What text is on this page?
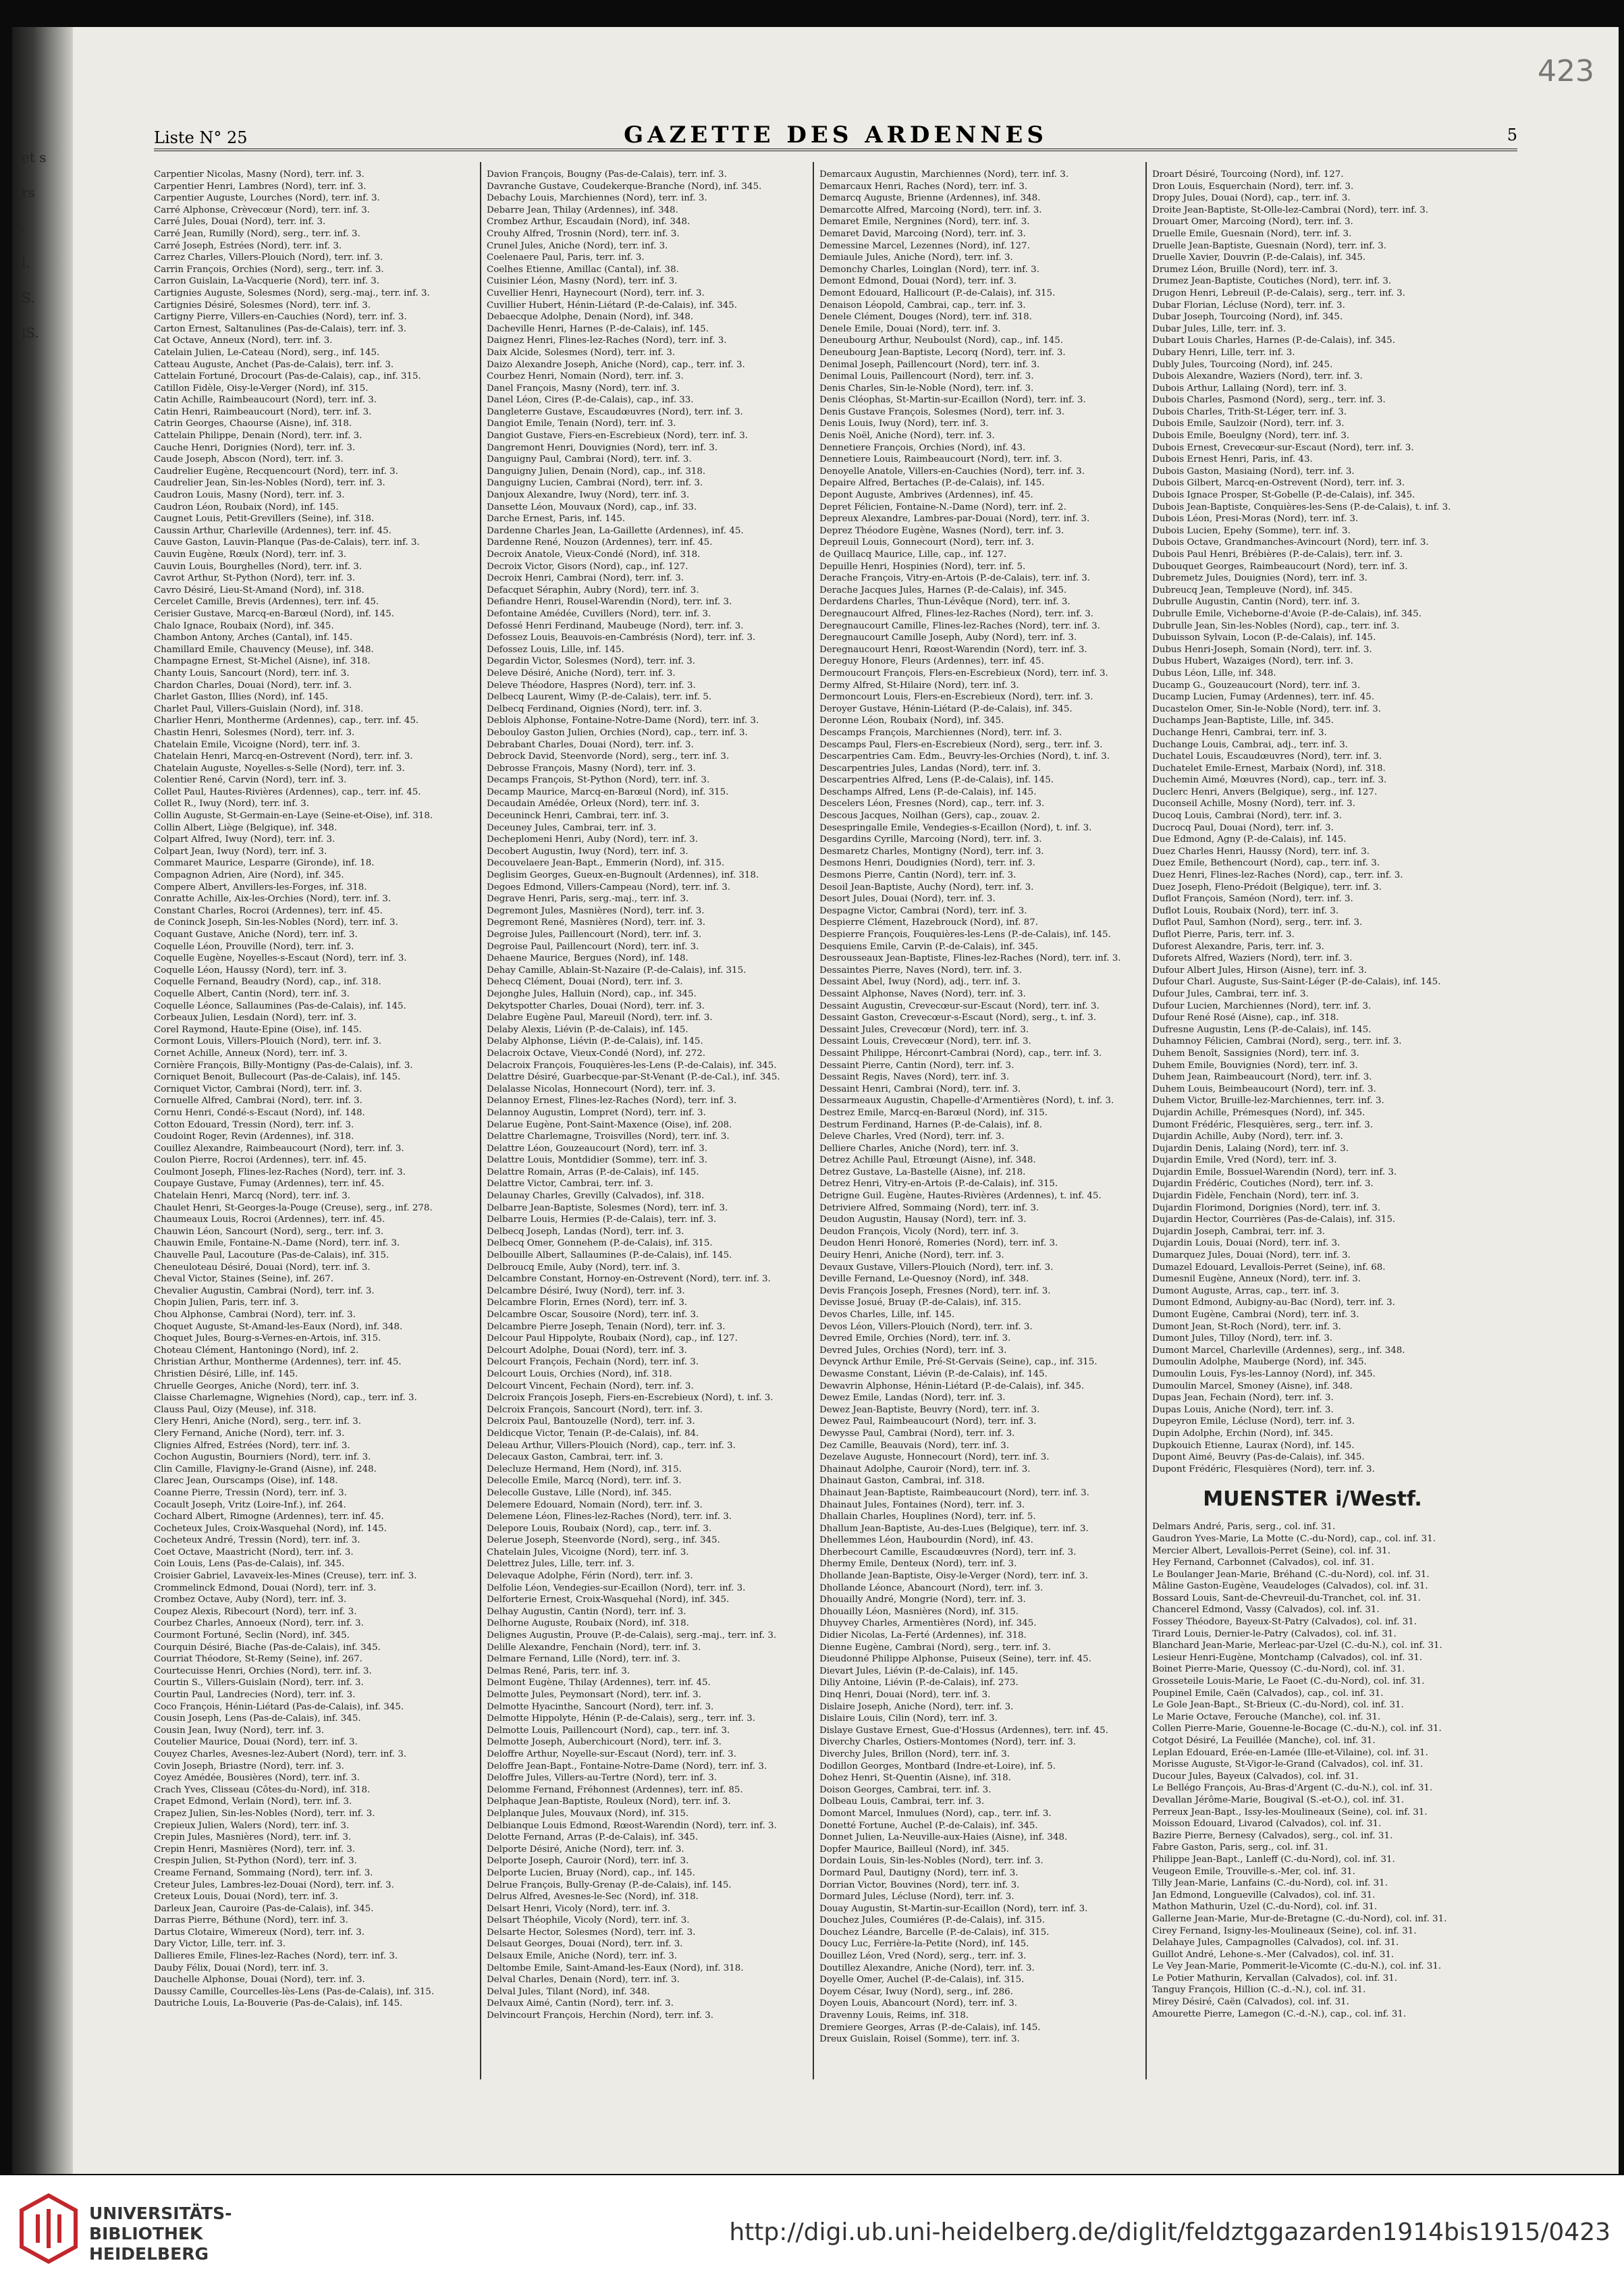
et s

rs

.

l.

S.

lS.
423
Liste N° 25	GAZETTE DES ARDENNES	5
Carpentier Nicolas, Masny (Nord), terr. inf. 3.
Carpentier Henri, Lambres (Nord), terr. inf. 3.
Carpentier Auguste, Lourches (Nord), terr. inf. 3.
Carré Alphonse, Crèvecœur (Nord), terr. inf. 3.
Carré Jules, Douai (Nord), terr. inf. 3.
Carré Jean, Rumilly (Nord), serg., terr. inf. 3.
Carré Joseph, Estrées (Nord), terr. inf. 3.
Carrez Charles, Villers-Plouich (Nord), terr. inf. 3.
Carrin François, Orchies (Nord), serg., terr. inf. 3.
Carron Guislain, La-Vacquerie (Nord), terr. inf. 3.
Cartignies Auguste, Solesmes (Nord), serg.-maj., terr. inf. 3.
Cartignies Désiré, Solesmes (Nord), terr. inf. 3.
Cartigny Pierre, Villers-en-Cauchies (Nord), terr. inf. 3.
Carton Ernest, Saltanulines (Pas-de-Calais), terr. inf. 3.
Cat Octave, Anneux (Nord), terr. inf. 3.
Catelain Julien, Le-Cateau (Nord), serg., inf. 145.
Catteau Auguste, Anchet (Pas-de-Calais), terr. inf. 3.
Cattelain Fortuné, Drocourt (Pas-de-Calais), cap., inf. 315.
Catillon Fidèle, Oisy-le-Verger (Nord), inf. 315.
Catin Achille, Raimbeaucourt (Nord), terr. inf. 3.
Catin Henri, Raimbeaucourt (Nord), terr. inf. 3.
Catrin Georges, Chaourse (Aisne), inf. 318.
Cattelain Philippe, Denain (Nord), terr. inf. 3.
Cauche Henri, Dorignies (Nord), terr. inf. 3.
Caude Joseph, Abscon (Nord), terr. inf. 3.
Caudrelier Eugène, Recquencourt (Nord), terr. inf. 3.
Caudrelier Jean, Sin-les-Nobles (Nord), terr. inf. 3.
Caudron Louis, Masny (Nord), terr. inf. 3.
Caudron Léon, Roubaix (Nord), inf. 145.
Caugnet Louis, Petit-Grevillers (Seine), inf. 318.
Caussin Arthur, Charleville (Ardennes), terr. inf. 45.
Cauve Gaston, Lauvin-Planque (Pas-de-Calais), terr. inf. 3.
Cauvin Eugène, Rœulx (Nord), terr. inf. 3.
Cauvin Louis, Bourghelles (Nord), terr. inf. 3.
Cavrot Arthur, St-Python (Nord), terr. inf. 3.
Cavro Désiré, Lieu-St-Amand (Nord), inf. 318.
Cercelet Camille, Brevis (Ardennes), terr. inf. 45.
Cerisier Gustave, Marcq-en-Barœul (Nord), inf. 145.
Chalo Ignace, Roubaix (Nord), inf. 345.
Chambon Antony, Arches (Cantal), inf. 145.
Chamillard Emile, Chauvency (Meuse), inf. 348.
Champagne Ernest, St-Michel (Aisne), inf. 318.
Chanty Louis, Sancourt (Nord), terr. inf. 3.
Chardon Charles, Douai (Nord), terr. inf. 3.
Charlet Gaston, Illies (Nord), inf. 145.
Charlet Paul, Villers-Guislain (Nord), inf. 318.
Charlier Henri, Montherme (Ardennes), cap., terr. inf. 45.
Chastin Henri, Solesmes (Nord), terr. inf. 3.
Chatelain Emile, Vicoigne (Nord), terr. inf. 3.
Chatelain Henri, Marcq-en-Ostrevent (Nord), terr. inf. 3.
Chatelain Auguste, Noyelles-s-Selle (Nord), terr. inf. 3.
Colentier René, Carvin (Nord), terr. inf. 3.
Collet Paul, Hautes-Rivières (Ardennes), cap., terr. inf. 45.
Collet R., Iwuy (Nord), terr. inf. 3.
Collin Auguste, St-Germain-en-Laye (Seine-et-Oise), inf. 318.
Collin Albert, Liège (Belgique), inf. 348.
Colpart Alfred, Iwuy (Nord), terr. inf. 3.
Colpart Jean, Iwuy (Nord), terr. inf. 3.
Commaret Maurice, Lesparre (Gironde), inf. 18.
Compagnon Adrien, Aire (Nord), inf. 345.
Compere Albert, Anvillers-les-Forges, inf. 318.
Conratte Achille, Aix-les-Orchies (Nord), terr. inf. 3.
Constant Charles, Rocroi (Ardennes), terr. inf. 45.
de Coninck Joseph, Sin-les-Nobles (Nord), terr. inf. 3.
Coquant Gustave, Aniche (Nord), terr. inf. 3.
Coquelle Léon, Prouville (Nord), terr. inf. 3.
Coquelle Eugène, Noyelles-s-Escaut (Nord), terr. inf. 3.
Coquelle Léon, Haussy (Nord), terr. inf. 3.
Coquelle Fernand, Beaudry (Nord), cap., inf. 318.
Coquelle Albert, Cantin (Nord), terr. inf. 3.
Coquelle Léonce, Sallaumines (Pas-de-Calais), inf. 145.
Corbeaux Julien, Lesdain (Nord), terr. inf. 3.
Corel Raymond, Haute-Epine (Oise), inf. 145.
Cormont Louis, Villers-Plouich (Nord), terr. inf. 3.
Cornet Achille, Anneux (Nord), terr. inf. 3.
Cornière François, Billy-Montigny (Pas-de-Calais), inf. 3.
Corniquet Benoit, Bullecourt (Pas-de-Calais), inf. 145.
Corniquet Victor, Cambrai (Nord), terr. inf. 3.
Cornuelle Alfred, Cambrai (Nord), terr. inf. 3.
Cornu Henri, Condé-s-Escaut (Nord), inf. 148.
Cotton Edouard, Tressin (Nord), terr. inf. 3.
Coudoint Roger, Revin (Ardennes), inf. 318.
Couillez Alexandre, Raimbeaucourt (Nord), terr. inf. 3.
Coulon Pierre, Rocroi (Ardennes), terr. inf. 45.
Coulmont Joseph, Flines-lez-Raches (Nord), terr. inf. 3.
Coupaye Gustave, Fumay (Ardennes), terr. inf. 45.
Chatelain Henri, Marcq (Nord), terr. inf. 3.
Chaulet Henri, St-Georges-la-Pouge (Creuse), serg., inf. 278.
Chaumeaux Louis, Rocroi (Ardennes), terr. inf. 45.
Chauwin Léon, Sancourt (Nord), serg., terr. inf. 3.
Chauwin Emile, Fontaine-N.-Dame (Nord), terr. inf. 3.
Chauvelle Paul, Lacouture (Pas-de-Calais), inf. 315.
Cheneuloteau Désiré, Douai (Nord), terr. inf. 3.
Cheval Victor, Staines (Seine), inf. 267.
Chevalier Augustin, Cambrai (Nord), terr. inf. 3.
Chopin Julien, Paris, terr. inf. 3.
Chou Alphonse, Cambrai (Nord), terr. inf. 3.
Choquet Auguste, St-Amand-les-Eaux (Nord), inf. 348.
Choquet Jules, Bourg-s-Vernes-en-Artois, inf. 315.
Choteau Clément, Hantoningo (Nord), inf. 2.
Christian Arthur, Montherme (Ardennes), terr. inf. 45.
Christien Désiré, Lille, inf. 145.
Chruelle Georges, Aniche (Nord), terr. inf. 3.
Claisse Charlemagne, Wignehies (Nord), cap., terr. inf. 3.
Clauss Paul, Oizy (Meuse), inf. 318.
Clery Henri, Aniche (Nord), serg., terr. inf. 3.
Clery Fernand, Aniche (Nord), terr. inf. 3.
Clignies Alfred, Estrées (Nord), terr. inf. 3.
Cochon Augustin, Bourniers (Nord), terr. inf. 3.
Clin Camille, Flavigny-le-Grand (Aisne), inf. 248.
Clarec Jean, Ourscamps (Oise), inf. 148.
Coanne Pierre, Tressin (Nord), terr. inf. 3.
Cocault Joseph, Vritz (Loire-Inf.), inf. 264.
Cochard Albert, Rimogne (Ardennes), terr. inf. 45.
Cocheteux Jules, Croix-Wasquehal (Nord), inf. 145.
Cocheteux André, Tressin (Nord), terr. inf. 3.
Coet Octave, Maastricht (Nord), terr. inf. 3.
Coin Louis, Lens (Pas-de-Calais), inf. 345.
Croisier Gabriel, Lavaveix-les-Mines (Creuse), terr. inf. 3.
Crommelinck Edmond, Douai (Nord), terr. inf. 3.
Crombez Octave, Auby (Nord), terr. inf. 3.
Coupez Alexis, Ribecourt (Nord), terr. inf. 3.
Courbez Charles, Annoeux (Nord), terr. inf. 3.
Courmont Fortuné, Seclin (Nord), inf. 345.
Courquin Désiré, Biache (Pas-de-Calais), inf. 345.
Courriat Théodore, St-Remy (Seine), inf. 267.
Courtecuisse Henri, Orchies (Nord), terr. inf. 3.
Courtin S., Villers-Guislain (Nord), terr. inf. 3.
Courtin Paul, Landrecies (Nord), terr. inf. 3.
Coco François, Hénin-Liétard (Pas-de-Calais), inf. 345.
Cousin Joseph, Lens (Pas-de-Calais), inf. 345.
Cousin Jean, Iwuy (Nord), terr. inf. 3.
Coutelier Maurice, Douai (Nord), terr. inf. 3.
Couyez Charles, Avesnes-lez-Aubert (Nord), terr. inf. 3.
Covin Joseph, Briastre (Nord), terr. inf. 3.
Coyez Amédée, Bousières (Nord), terr. inf. 3.
Crach Yves, Clisseau (Côtes-du-Nord), inf. 318.
Crapet Edmond, Verlain (Nord), terr. inf. 3.
Crapez Julien, Sin-les-Nobles (Nord), terr. inf. 3.
Crepieux Julien, Walers (Nord), terr. inf. 3.
Crepin Jules, Masnières (Nord), terr. inf. 3.
Crepin Henri, Masnières (Nord), terr. inf. 3.
Crespin Julien, St-Python (Nord), terr. inf. 3.
Creame Fernand, Sommaing (Nord), terr. inf. 3.
Creteur Jules, Lambres-lez-Douai (Nord), terr. inf. 3.
Creteux Louis, Douai (Nord), terr. inf. 3.
Darleux Jean, Cauroire (Pas-de-Calais), inf. 345.
Darras Pierre, Béthune (Nord), terr. inf. 3.
Dartus Clotaire, Wimereux (Nord), terr. inf. 3.
Dary Victor, Lille, terr. inf. 3.
Dallieres Emile, Flines-lez-Raches (Nord), terr. inf. 3.
Dauby Félix, Douai (Nord), terr. inf. 3.
Dauchelle Alphonse, Douai (Nord), terr. inf. 3.
Daussy Camille, Courcelles-lès-Lens (Pas-de-Calais), inf. 315.
Dautriche Louis, La-Bouverie (Pas-de-Calais), inf. 145.
Davion François, Bougny (Pas-de-Calais), terr. inf. 3.
Davranche Gustave, Coudekerque-Branche (Nord), inf. 345.
Debachy Louis, Marchiennes (Nord), terr. inf. 3.
Debarre Jean, Thilay (Ardennes), inf. 348.
Crombez Arthur, Escaudain (Nord), inf. 348.
Crouhy Alfred, Trosnin (Nord), terr. inf. 3.
Crunel Jules, Aniche (Nord), terr. inf. 3.
Coelenaere Paul, Paris, terr. inf. 3.
Coelhes Etienne, Amillac (Cantal), inf. 38.
Cuisinier Léon, Masny (Nord), terr. inf. 3.
Cuvellier Henri, Haynecourt (Nord), terr. inf. 3.
Cuvillier Hubert, Hénin-Liétard (P.-de-Calais), inf. 345.
Debaecque Adolphe, Denain (Nord), inf. 348.
Dacheville Henri, Harnes (P.-de-Calais), inf. 145.
Daignez Henri, Flines-lez-Raches (Nord), terr. inf. 3.
Daix Alcide, Solesmes (Nord), terr. inf. 3.
Daizo Alexandre Joseph, Aniche (Nord), cap., terr. inf. 3.
Courbez Henri, Nomain (Nord), terr. inf. 3.
Danel François, Masny (Nord), terr. inf. 3.
Danel Léon, Cires (P.-de-Calais), cap., inf. 33.
Dangleterre Gustave, Escaudœuvres (Nord), terr. inf. 3.
Dangiot Emile, Tenain (Nord), terr. inf. 3.
Dangiot Gustave, Fiers-en-Escrebieux (Nord), terr. inf. 3.
Dangremont Henri, Douvignies (Nord), terr. inf. 3.
Danguigny Paul, Cambrai (Nord), terr. inf. 3.
Danguigny Julien, Denain (Nord), cap., inf. 318.
Danguigny Lucien, Cambrai (Nord), terr. inf. 3.
Danjoux Alexandre, Iwuy (Nord), terr. inf. 3.
Dansette Léon, Mouvaux (Nord), cap., inf. 33.
Darche Ernest, Paris, inf. 145.
Dardenne Charles Jean, La-Gaillette (Ardennes), inf. 45.
Dardenne René, Nouzon (Ardennes), terr. inf. 45.
Decroix Anatole, Vieux-Condé (Nord), inf. 318.
Decroix Victor, Gisors (Nord), cap., inf. 127.
Decroix Henri, Cambrai (Nord), terr. inf. 3.
Defacquet Séraphin, Aubry (Nord), terr. inf. 3.
Defiandre Henri, Rousel-Warendin (Nord), terr. inf. 3.
Defontaine Amédée, Cuvillers (Nord), terr. inf. 3.
Defossé Henri Ferdinand, Maubeuge (Nord), terr. inf. 3.
Defossez Louis, Beauvois-en-Cambrésis (Nord), terr. inf. 3.
Defossez Louis, Lille, inf. 145.
Degardin Victor, Solesmes (Nord), terr. inf. 3.
Deleve Désiré, Aniche (Nord), terr. inf. 3.
Deleve Théodore, Haspres (Nord), terr. inf. 3.
Delbecq Laurent, Wimy (P.-de-Calais), terr. inf. 5.
Delbecq Ferdinand, Oignies (Nord), terr. inf. 3.
Deblois Alphonse, Fontaine-Notre-Dame (Nord), terr. inf. 3.
Debouloy Gaston Julien, Orchies (Nord), cap., terr. inf. 3.
Debrabant Charles, Douai (Nord), terr. inf. 3.
Debrock David, Steenvorde (Nord), serg., terr. inf. 3.
Debrosse François, Masny (Nord), terr. inf. 3.
Decamps François, St-Python (Nord), terr. inf. 3.
Decamp Maurice, Marcq-en-Barœul (Nord), inf. 315.
Decaudain Amédée, Orleux (Nord), terr. inf. 3.
Deceuninck Henri, Cambrai, terr. inf. 3.
Deceuney Jules, Cambrai, terr. inf. 3.
Decheplomeni Henri, Auby (Nord), terr. inf. 3.
Decobert Augustin, Iwuy (Nord), terr. inf. 3.
Decouvelaere Jean-Bapt., Emmerin (Nord), inf. 315.
Deglisim Georges, Gueux-en-Bugnoult (Ardennes), inf. 318.
Degoes Edmond, Villers-Campeau (Nord), terr. inf. 3.
Degrave Henri, Paris, serg.-maj., terr. inf. 3.
Degremont Jules, Masnières (Nord), terr. inf. 3.
Degremont René, Masnières (Nord), terr. inf. 3.
Degroise Jules, Paillencourt (Nord), terr. inf. 3.
Degroise Paul, Paillencourt (Nord), terr. inf. 3.
Dehaene Maurice, Bergues (Nord), inf. 148.
Dehay Camille, Ablain-St-Nazaire (P.-de-Calais), inf. 315.
Dehecq Clément, Douai (Nord), terr. inf. 3.
Dejonghe Jules, Halluin (Nord), cap., inf. 345.
Dekytspotter Charles, Douai (Nord), terr. inf. 3.
Delabre Eugène Paul, Mareuil (Nord), terr. inf. 3.
Delaby Alexis, Liévin (P.-de-Calais), inf. 145.
Delaby Alphonse, Liévin (P.-de-Calais), inf. 145.
Delacroix Octave, Vieux-Condé (Nord), inf. 272.
Delacroix François, Fouquières-les-Lens (P.-de-Calais), inf. 345.
Delattre Désiré, Guarbecque-par-St-Venant (P.-de-Cal.), inf. 345.
Delalasse Nicolas, Honnecourt (Nord), terr. inf. 3.
Delannoy Ernest, Flines-lez-Raches (Nord), terr. inf. 3.
Delannoy Augustin, Lompret (Nord), terr. inf. 3.
Delarue Eugène, Pont-Saint-Maxence (Oise), inf. 208.
Delattre Charlemagne, Troisvilles (Nord), terr. inf. 3.
Delattre Léon, Gouzeaucourt (Nord), terr. inf. 3.
Delattre Louis, Montdidier (Somme), terr. inf. 3.
Delattre Romain, Arras (P.-de-Calais), inf. 145.
Delattre Victor, Cambrai, terr. inf. 3.
Delaunay Charles, Grevilly (Calvados), inf. 318.
Delbarre Jean-Baptiste, Solesmes (Nord), terr. inf. 3.
Delbarre Louis, Hermies (P.-de-Calais), terr. inf. 3.
Delbecq Joseph, Landas (Nord), terr. inf. 3.
Delbecq Omer, Gonnehem (P.-de-Calais), inf. 315.
Delbouille Albert, Sallaumines (P.-de-Calais), inf. 145.
Delbroucq Emile, Auby (Nord), terr. inf. 3.
Delcambre Constant, Hornoy-en-Ostrevent (Nord), terr. inf. 3.
Delcambre Désiré, Iwuy (Nord), terr. inf. 3.
Delcambre Florin, Ernes (Nord), terr. inf. 3.
Delcambre Oscar, Sousoire (Nord), terr. inf. 3.
Delcambre Pierre Joseph, Tenain (Nord), terr. inf. 3.
Delcour Paul Hippolyte, Roubaix (Nord), cap., inf. 127.
Delcourt Adolphe, Douai (Nord), terr. inf. 3.
Delcourt François, Fechain (Nord), terr. inf. 3.
Delcourt Louis, Orchies (Nord), inf. 318.
Delcourt Vincent, Fechain (Nord), terr. inf. 3.
Delcroix François Joseph, Fiers-en-Escrebieux (Nord), t. inf. 3.
Delcroix François, Sancourt (Nord), terr. inf. 3.
Delcroix Paul, Bantouzelle (Nord), terr. inf. 3.
Deldicque Victor, Tenain (P.-de-Calais), inf. 84.
Deleau Arthur, Villers-Plouich (Nord), cap., terr. inf. 3.
Delecaux Gaston, Cambrai, terr. inf. 3.
Delecluze Hermand, Hem (Nord), inf. 315.
Delecolle Emile, Marcq (Nord), terr. inf. 3.
Delecolle Gustave, Lille (Nord), inf. 345.
Delemere Edouard, Nomain (Nord), terr. inf. 3.
Delemene Léon, Flines-lez-Raches (Nord), terr. inf. 3.
Delepore Louis, Roubaix (Nord), cap., terr. inf. 3.
Delerue Joseph, Steenvorde (Nord), serg., inf. 345.
Chatelain Jules, Vicoigne (Nord), terr. inf. 3.
Delettrez Jules, Lille, terr. inf. 3.
Delevaque Adolphe, Férin (Nord), terr. inf. 3.
Delfolie Léon, Vendegies-sur-Ecaillon (Nord), terr. inf. 3.
Delforterie Ernest, Croix-Wasquehal (Nord), inf. 345.
Delhay Augustin, Cantin (Nord), terr. inf. 3.
Delhorne Auguste, Roubaix (Nord), inf. 318.
Delignes Augustin, Prouve (P.-de-Calais), serg.-maj., terr. inf. 3.
Delille Alexandre, Fenchain (Nord), terr. inf. 3.
Delmare Fernand, Lille (Nord), terr. inf. 3.
Delmas René, Paris, terr. inf. 3.
Delmont Eugène, Thilay (Ardennes), terr. inf. 45.
Delmotte Jules, Peymonsart (Nord), terr. inf. 3.
Delmotte Hyacinthe, Sancourt (Nord), terr. inf. 3.
Delmotte Hippolyte, Hénin (P.-de-Calais), serg., terr. inf. 3.
Delmotte Louis, Paillencourt (Nord), cap., terr. inf. 3.
Delmotte Joseph, Auberchicourt (Nord), terr. inf. 3.
Deloffre Arthur, Noyelle-sur-Escaut (Nord), terr. inf. 3.
Deloffre Jean-Bapt., Fontaine-Notre-Dame (Nord), terr. inf. 3.
Deloffre Jules, Villers-au-Tertre (Nord), terr. inf. 3.
Delomme Fernand, Fréhonnest (Ardennes), terr. inf. 85.
Delphaque Jean-Baptiste, Rouleux (Nord), terr. inf. 3.
Delplanque Jules, Mouvaux (Nord), inf. 315.
Delbianque Louis Edmond, Rœost-Warendin (Nord), terr. inf. 3.
Delotte Fernand, Arras (P.-de-Calais), inf. 345.
Delporte Désiré, Aniche (Nord), terr. inf. 3.
Delporte Joseph, Cauroir (Nord), terr. inf. 3.
Delporte Lucien, Bruay (Nord), cap., inf. 145.
Delrue François, Bully-Grenay (P.-de-Calais), inf. 145.
Delrus Alfred, Avesnes-le-Sec (Nord), inf. 318.
Delsart Henri, Vicoly (Nord), terr. inf. 3.
Delsart Théophile, Vicoly (Nord), terr. inf. 3.
Delsarte Hector, Solesmes (Nord), terr. inf. 3.
Delsaut Georges, Douai (Nord), terr. inf. 3.
Delsaux Emile, Aniche (Nord), terr. inf. 3.
Deltombe Emile, Saint-Amand-les-Eaux (Nord), inf. 318.
Delval Charles, Denain (Nord), terr. inf. 3.
Delval Jules, Tilant (Nord), inf. 348.
Delvaux Aimé, Cantin (Nord), terr. inf. 3.
Delvincourt François, Herchin (Nord), terr. inf. 3.
Demarcaux Augustin, Marchiennes (Nord), terr. inf. 3.
Demarcaux Henri, Raches (Nord), terr. inf. 3.
Demarcq Auguste, Brienne (Ardennes), inf. 348.
Demarcotte Alfred, Marcoing (Nord), terr. inf. 3.
Demaret Emile, Nergnines (Nord), terr. inf. 3.
Demaret David, Marcoing (Nord), terr. inf. 3.
Demessine Marcel, Lezennes (Nord), inf. 127.
Demiaule Jules, Aniche (Nord), terr. inf. 3.
Demonchy Charles, Loinglan (Nord), terr. inf. 3.
Demont Edmond, Douai (Nord), terr. inf. 3.
Demont Edouard, Hallicourt (P.-de-Calais), inf. 315.
Denaison Léopold, Cambrai, cap., terr. inf. 3.
Denele Clément, Douges (Nord), terr. inf. 318.
Denele Emile, Douai (Nord), terr. inf. 3.
Deneubourg Arthur, Neuboulst (Nord), cap., inf. 145.
Deneubourg Jean-Baptiste, Lecorq (Nord), terr. inf. 3.
Denimal Joseph, Paillencourt (Nord), terr. inf. 3.
Denimal Louis, Paillencourt (Nord), terr. inf. 3.
Denis Charles, Sin-le-Noble (Nord), terr. inf. 3.
Denis Cléophas, St-Martin-sur-Ecaillon (Nord), terr. inf. 3.
Denis Gustave François, Solesmes (Nord), terr. inf. 3.
Denis Louis, Iwuy (Nord), terr. inf. 3.
Denis Noël, Aniche (Nord), terr. inf. 3.
Dennetiere François, Orchies (Nord), inf. 43.
Dennetiere Louis, Raimbeaucourt (Nord), terr. inf. 3.
Denoyelle Anatole, Villers-en-Cauchies (Nord), terr. inf. 3.
Depaire Alfred, Bertaches (P.-de-Calais), inf. 145.
Depont Auguste, Ambrives (Ardennes), inf. 45.
Depret Félicien, Fontaine-N.-Dame (Nord), terr. inf. 2.
Depreux Alexandre, Lambres-par-Douai (Nord), terr. inf. 3.
Deprez Théodore Eugène, Wasnes (Nord), terr. inf. 3.
Depreuil Louis, Gonnecourt (Nord), terr. inf. 3.
de Quillacq Maurice, Lille, cap., inf. 127.
Depuille Henri, Hospinies (Nord), terr. inf. 5.
Derache François, Vitry-en-Artois (P.-de-Calais), terr. inf. 3.
Derache Jacques Jules, Harnes (P.-de-Calais), inf. 345.
Derdardens Charles, Thun-Lévêque (Nord), terr. inf. 3.
Deregnaucourt Alfred, Flines-lez-Raches (Nord), terr. inf. 3.
Deregnaucourt Camille, Flines-lez-Raches (Nord), terr. inf. 3.
Deregnaucourt Camille Joseph, Auby (Nord), terr. inf. 3.
Deregnaucourt Henri, Rœost-Warendin (Nord), terr. inf. 3.
Dereguy Honore, Fleurs (Ardennes), terr. inf. 45.
Dermoucourt François, Flers-en-Escrebieux (Nord), terr. inf. 3.
Dermy Alfred, St-Hilaire (Nord), terr. inf. 3.
Dermoncourt Louis, Flers-en-Escrebieux (Nord), terr. inf. 3.
Deroyer Gustave, Hénin-Liétard (P.-de-Calais), inf. 345.
Deronne Léon, Roubaix (Nord), inf. 345.
Descamps François, Marchiennes (Nord), terr. inf. 3.
Descamps Paul, Flers-en-Escrebieux (Nord), serg., terr. inf. 3.
Descarpentries Cam. Edm., Beuvry-les-Orchies (Nord), t. inf. 3.
Descarpentries Jules, Landas (Nord), terr. inf. 3.
Descarpentries Alfred, Lens (P.-de-Calais), inf. 145.
Deschamps Alfred, Lens (P.-de-Calais), inf. 145.
Descelers Léon, Fresnes (Nord), cap., terr. inf. 3.
Descous Jacques, Noilhan (Gers), cap., zouav. 2.
Desespringalle Emile, Vendegies-s-Ecaillon (Nord), t. inf. 3.
Desgardins Cyrille, Marcoing (Nord), terr. inf. 3.
Desmaretz Charles, Montigny (Nord), terr. inf. 3.
Desmons Henri, Doudignies (Nord), terr. inf. 3.
Desmons Pierre, Cantin (Nord), terr. inf. 3.
Desoil Jean-Baptiste, Auchy (Nord), terr. inf. 3.
Desort Jules, Douai (Nord), terr. inf. 3.
Despagne Victor, Cambrai (Nord), terr. inf. 3.
Despierre Clément, Hazebrouck (Nord), inf. 87.
Despierre François, Fouquières-les-Lens (P.-de-Calais), inf. 145.
Desquiens Emile, Carvin (P.-de-Calais), inf. 345.
Desrousseaux Jean-Baptiste, Flines-lez-Raches (Nord), terr. inf. 3.
Dessaintes Pierre, Naves (Nord), terr. inf. 3.
Dessaint Abel, Iwuy (Nord), adj., terr. inf. 3.
Dessaint Alphonse, Naves (Nord), terr. inf. 3.
Dessaint Augustin, Crevecœur-sur-Escaut (Nord), terr. inf. 3.
Dessaint Gaston, Crevecœur-s-Escaut (Nord), serg., t. inf. 3.
Dessaint Jules, Crevecœur (Nord), terr. inf. 3.
Dessaint Louis, Crevecœur (Nord), terr. inf. 3.
Dessaint Philippe, Hérconrt-Cambrai (Nord), cap., terr. inf. 3.
Dessaint Pierre, Cantin (Nord), terr. inf. 3.
Dessaint Regis, Naves (Nord), terr. inf. 3.
Dessaint Henri, Cambrai (Nord), terr. inf. 3.
Dessarmeaux Augustin, Chapelle-d'Armentières (Nord), t. inf. 3.
Destrez Emile, Marcq-en-Barœul (Nord), inf. 315.
Destrum Ferdinand, Harnes (P.-de-Calais), inf. 8.
Deleve Charles, Vred (Nord), terr. inf. 3.
Delliere Charles, Aniche (Nord), terr. inf. 3.
Detrez Achille Paul, Etrœungt (Aisne), inf. 348.
Detrez Gustave, La-Bastelle (Aisne), inf. 218.
Detrez Henri, Vitry-en-Artois (P.-de-Calais), inf. 315.
Detrigne Guil. Eugène, Hautes-Rivières (Ardennes), t. inf. 45.
Detriviere Alfred, Sommaing (Nord), terr. inf. 3.
Deudon Augustin, Hausay (Nord), terr. inf. 3.
Deudon François, Vicoly (Nord), terr. inf. 3.
Deudon Henri Honoré, Romeries (Nord), terr. inf. 3.
Deuiry Henri, Aniche (Nord), terr. inf. 3.
Devaux Gustave, Villers-Plouich (Nord), terr. inf. 3.
Deville Fernand, Le-Quesnoy (Nord), inf. 348.
Devis François Joseph, Fresnes (Nord), terr. inf. 3.
Devisse Josué, Bruay (P.-de-Calais), inf. 315.
Devos Charles, Lille, inf. 145.
Devos Léon, Villers-Plouich (Nord), terr. inf. 3.
Devred Emile, Orchies (Nord), terr. inf. 3.
Devred Jules, Orchies (Nord), terr. inf. 3.
Devynck Arthur Emile, Pré-St-Gervais (Seine), cap., inf. 315.
Dewasme Constant, Liévin (P.-de-Calais), inf. 145.
Dewavrin Alphonse, Hénin-Liétard (P.-de-Calais), inf. 345.
Dewez Emile, Landas (Nord), terr. inf. 3.
Dewez Jean-Baptiste, Beuvry (Nord), terr. inf. 3.
Dewez Paul, Raimbeaucourt (Nord), terr. inf. 3.
Dewysse Paul, Cambrai (Nord), terr. inf. 3.
Dez Camille, Beauvais (Nord), terr. inf. 3.
Dezelave Auguste, Honnecourt (Nord), terr. inf. 3.
Dhainaut Adolphe, Cauroir (Nord), terr. inf. 3.
Dhainaut Gaston, Cambrai, inf. 318.
Dhainaut Jean-Baptiste, Raimbeaucourt (Nord), terr. inf. 3.
Dhainaut Jules, Fontaines (Nord), terr. inf. 3.
Dhallain Charles, Houplines (Nord), terr. inf. 5.
Dhallum Jean-Baptiste, Au-des-Lues (Belgique), terr. inf. 3.
Dhellemmes Léon, Haubourdin (Nord), inf. 43.
Dherbecourt Camille, Escaudœuvres (Nord), terr. inf. 3.
Dhermy Emile, Denteux (Nord), terr. inf. 3.
Dhollande Jean-Baptiste, Oisy-le-Verger (Nord), terr. inf. 3.
Dhollande Léonce, Abancourt (Nord), terr. inf. 3.
Dhouailly André, Mongrie (Nord), terr. inf. 3.
Dhouailly Léon, Masnières (Nord), inf. 315.
Dhuyvey Charles, Armentières (Nord), inf. 345.
Didier Nicolas, La-Ferté (Ardennes), inf. 318.
Dienne Eugène, Cambrai (Nord), serg., terr. inf. 3.
Dieudonné Philippe Alphonse, Puiseux (Seine), terr. inf. 45.
Dievart Jules, Liévin (P.-de-Calais), inf. 145.
Diliy Antoine, Liévin (P.-de-Calais), inf. 273.
Dinq Henri, Douai (Nord), terr. inf. 3.
Dislaire Joseph, Aniche (Nord), terr. inf. 3.
Dislaire Louis, Cilin (Nord), terr. inf. 3.
Dislaye Gustave Ernest, Gue-d'Hossus (Ardennes), terr. inf. 45.
Diverchy Charles, Ostiers-Montomes (Nord), terr. inf. 3.
Diverchy Jules, Brillon (Nord), terr. inf. 3.
Dodillon Georges, Montbard (Indre-et-Loire), inf. 5.
Dohez Henri, St-Quentin (Aisne), inf. 318.
Doison Georges, Cambrai, terr. inf. 3.
Dolbeau Louis, Cambrai, terr. inf. 3.
Domont Marcel, Inmulues (Nord), cap., terr. inf. 3.
Donetté Fortune, Auchel (P.-de-Calais), inf. 345.
Donnet Julien, La-Neuville-aux-Haies (Aisne), inf. 348.
Dopfer Maurice, Bailleul (Nord), inf. 345.
Dordain Louis, Sin-les-Nobles (Nord), terr. inf. 3.
Dormard Paul, Dautigny (Nord), terr. inf. 3.
Dorrian Victor, Bouvines (Nord), terr. inf. 3.
Dormard Jules, Lécluse (Nord), terr. inf. 3.
Douay Augustin, St-Martin-sur-Ecaillon (Nord), terr. inf. 3.
Douchez Jules, Coumiéres (P.-de-Calais), inf. 315.
Douchez Léandre, Barcelle (P.-de-Calais), inf. 315.
Doucy Luc, Ferrière-la-Petite (Nord), inf. 145.
Douillez Léon, Vred (Nord), serg., terr. inf. 3.
Doutillez Alexandre, Aniche (Nord), terr. inf. 3.
Doyelle Omer, Auchel (P.-de-Calais), inf. 315.
Doyem César, Iwuy (Nord), serg., inf. 286.
Doyen Louis, Abancourt (Nord), terr. inf. 3.
Dravenny Louis, Reims, inf. 318.
Dremiere Georges, Arras (P.-de-Calais), inf. 145.
Dreux Guislain, Roisel (Somme), terr. inf. 3.
Droart Désiré, Tourcoing (Nord), inf. 127.
Dron Louis, Esquerchain (Nord), terr. inf. 3.
Dropy Jules, Douai (Nord), cap., terr. inf. 3.
Droite Jean-Baptiste, St-Olle-lez-Cambrai (Nord), terr. inf. 3.
Drouart Omer, Marcoing (Nord), terr. inf. 3.
Druelle Emile, Guesnain (Nord), terr. inf. 3.
Druelle Jean-Baptiste, Guesnain (Nord), terr. inf. 3.
Druelle Xavier, Douvrin (P.-de-Calais), inf. 345.
Drumez Léon, Bruille (Nord), terr. inf. 3.
Drumez Jean-Baptiste, Coutiches (Nord), terr. inf. 3.
Drugon Henri, Lebreuil (P.-de-Calais), serg., terr. inf. 3.
Dubar Florian, Lécluse (Nord), terr. inf. 3.
Dubar Joseph, Tourcoing (Nord), inf. 345.
Dubar Jules, Lille, terr. inf. 3.
Dubart Louis Charles, Harnes (P.-de-Calais), inf. 345.
Dubary Henri, Lille, terr. inf. 3.
Dubly Jules, Tourcoing (Nord), inf. 245.
Dubois Alexandre, Waziers (Nord), terr. inf. 3.
Dubois Arthur, Lallaing (Nord), terr. inf. 3.
Dubois Charles, Pasmond (Nord), serg., terr. inf. 3.
Dubois Charles, Trith-St-Léger, terr. inf. 3.
Dubois Emile, Saulzoir (Nord), terr. inf. 3.
Dubois Emile, Boeulgny (Nord), terr. inf. 3.
Dubois Ernest, Crevecœur-sur-Escaut (Nord), terr. inf. 3.
Dubois Ernest Henri, Paris, inf. 43.
Dubois Gaston, Masiaing (Nord), terr. inf. 3.
Dubois Gilbert, Marcq-en-Ostrevent (Nord), terr. inf. 3.
Dubois Ignace Prosper, St-Gobelle (P.-de-Calais), inf. 345.
Dubois Jean-Baptiste, Conquières-les-Sens (P.-de-Calais), t. inf. 3.
Dubois Léon, Presi-Moras (Nord), terr. inf. 3.
Dubois Lucien, Epehy (Somme), terr. inf. 3.
Dubois Octave, Grandmanches-Avincourt (Nord), terr. inf. 3.
Dubois Paul Henri, Brébières (P.-de-Calais), terr. inf. 3.
Dubouquet Georges, Raimbeaucourt (Nord), terr. inf. 3.
Dubremetz Jules, Douignies (Nord), terr. inf. 3.
Dubreucq Jean, Templeuve (Nord), inf. 345.
Dubrulle Augustin, Cantin (Nord), terr. inf. 3.
Dubrulle Emile, Vicheborne-d'Avoie (P.-de-Calais), inf. 345.
Dubrulle Jean, Sin-les-Nobles (Nord), cap., terr. inf. 3.
Dubuisson Sylvain, Locon (P.-de-Calais), inf. 145.
Dubus Henri-Joseph, Somain (Nord), terr. inf. 3.
Dubus Hubert, Wazaiges (Nord), terr. inf. 3.
Dubus Léon, Lille, inf. 348.
Ducamp G., Gouzeaucourt (Nord), terr. inf. 3.
Ducamp Lucien, Fumay (Ardennes), terr. inf. 45.
Ducastelon Omer, Sin-le-Noble (Nord), terr. inf. 3.
Duchamps Jean-Baptiste, Lille, inf. 345.
Duchange Henri, Cambrai, terr. inf. 3.
Duchange Louis, Cambrai, adj., terr. inf. 3.
Duchatel Louis, Escaudœuvres (Nord), terr. inf. 3.
Duchatelet Emile-Ernest, Marbaix (Nord), inf. 318.
Duchemin Aimé, Mœuvres (Nord), cap., terr. inf. 3.
Duclerc Henri, Anvers (Belgique), serg., inf. 127.
Duconseil Achille, Mosny (Nord), terr. inf. 3.
Ducoq Louis, Cambrai (Nord), terr. inf. 3.
Ducrocq Paul, Douai (Nord), terr. inf. 3.
Due Edmond, Agny (P.-de-Calais), inf. 145.
Duez Charles Henri, Haussy (Nord), terr. inf. 3.
Duez Emile, Bethencourt (Nord), cap., terr. inf. 3.
Duez Henri, Flines-lez-Raches (Nord), cap., terr. inf. 3.
Duez Joseph, Fleno-Prédoit (Belgique), terr. inf. 3.
Duflot François, Saméon (Nord), terr. inf. 3.
Duflot Louis, Roubaix (Nord), terr. inf. 3.
Duflot Paul, Samhon (Nord), serg., terr. inf. 3.
Duflot Pierre, Paris, terr. inf. 3.
Duforest Alexandre, Paris, terr. inf. 3.
Duforets Alfred, Waziers (Nord), terr. inf. 3.
Dufour Albert Jules, Hirson (Aisne), terr. inf. 3.
Dufour Charl. Auguste, Sus-Saint-Léger (P.-de-Calais), inf. 145.
Dufour Jules, Cambrai, terr. inf. 3.
Dufour Lucien, Marchiennes (Nord), terr. inf. 3.
Dufour René Rosé (Aisne), cap., inf. 318.
Dufresne Augustin, Lens (P.-de-Calais), inf. 145.
Duhamnoy Félicien, Cambrai (Nord), serg., terr. inf. 3.
Duhem Benoît, Sassignies (Nord), terr. inf. 3.
Duhem Emile, Bouvignies (Nord), terr. inf. 3.
Duhem Jean, Raimbeaucourt (Nord), terr. inf. 3.
Duhem Louis, Beimbeaucourt (Nord), terr. inf. 3.
Duhem Victor, Bruille-lez-Marchiennes, terr. inf. 3.
Dujardin Achille, Prémesques (Nord), inf. 345.
Dumont Frédéric, Flesquières, serg., terr. inf. 3.
Dujardin Achille, Auby (Nord), terr. inf. 3.
Dujardin Denis, Lalaing (Nord), terr. inf. 3.
Dujardin Emile, Vred (Nord), terr. inf. 3.
Dujardin Emile, Bossuel-Warendin (Nord), terr. inf. 3.
Dujardin Frédéric, Coutiches (Nord), terr. inf. 3.
Dujardin Fidèle, Fenchain (Nord), terr. inf. 3.
Dujardin Florimond, Dorignies (Nord), terr. inf. 3.
Dujardin Hector, Courrières (Pas-de-Calais), inf. 315.
Dujardin Joseph, Cambrai, terr. inf. 3.
Dujardin Louis, Douai (Nord), terr. inf. 3.
Dumarquez Jules, Douai (Nord), terr. inf. 3.
Dumazel Edouard, Levallois-Perret (Seine), inf. 68.
Dumesnil Eugène, Anneux (Nord), terr. inf. 3.
Dumont Auguste, Arras, cap., terr. inf. 3.
Dumont Edmond, Aubigny-au-Bac (Nord), terr. inf. 3.
Dumont Eugène, Cambrai (Nord), terr. inf. 3.
Dumont Jean, St-Roch (Nord), terr. inf. 3.
Dumont Jules, Tilloy (Nord), terr. inf. 3.
Dumont Marcel, Charleville (Ardennes), serg., inf. 348.
Dumoulin Adolphe, Mauberge (Nord), inf. 345.
Dumoulin Louis, Fys-les-Lannoy (Nord), inf. 345.
Dumoulin Marcel, Smoney (Aisne), inf. 348.
Dupas Jean, Fechain (Nord), terr. inf. 3.
Dupas Louis, Aniche (Nord), terr. inf. 3.
Dupeyron Emile, Lécluse (Nord), terr. inf. 3.
Dupin Adolphe, Erchin (Nord), inf. 345.
Dupkouich Etienne, Laurax (Nord), inf. 145.
Dupont Aimé, Beuvry (Pas-de-Calais), inf. 345.
Dupont Frédéric, Flesquières (Nord), terr. inf. 3.
MUENSTER i/Westf.
Delmars André, Paris, serg., col. inf. 31.
Gaudron Yves-Marie, La Motte (C.-du-Nord), cap., col. inf. 31.
Mercier Albert, Levallois-Perret (Seine), col. inf. 31.
Hey Fernand, Carbonnet (Calvados), col. inf. 31.
Le Boulanger Jean-Marie, Bréhand (C.-du-Nord), col. inf. 31.
Mâline Gaston-Eugène, Veaudeloges (Calvados), col. inf. 31.
Bossard Louis, Sant-de-Chevreuil-du-Tranchet, col. inf. 31.
Chancerel Edmond, Vassy (Calvados), col. inf. 31.
Fossey Théodore, Bayeux-St-Patry (Calvados), col. inf. 31.
Tirard Louis, Dernier-le-Patry (Calvados), col. inf. 31.
Blanchard Jean-Marie, Merleac-par-Uzel (C.-du-N.), col. inf. 31.
Lesieur Henri-Eugène, Montchamp (Calvados), col. inf. 31.
Boinet Pierre-Marie, Quessoy (C.-du-Nord), col. inf. 31.
Grosseteile Louis-Marie, Le Faoet (C.-du-Nord), col. inf. 31.
Poupinel Emile, Caën (Calvados), cap., col. inf. 31.
Le Gole Jean-Bapt., St-Brieux (C.-du-Nord), col. inf. 31.
Le Marie Octave, Ferouche (Manche), col. inf. 31.
Collen Pierre-Marie, Gouenne-le-Bocage (C.-du-N.), col. inf. 31.
Cotgot Désiré, La Feuillée (Manche), col. inf. 31.
Leplan Edouard, Erée-en-Lamée (Ille-et-Vilaine), col. inf. 31.
Morisse Auguste, St-Vigor-le-Grand (Calvados), col. inf. 31.
Ducour Jules, Bayeux (Calvados), col. inf. 31.
Le Bellégo François, Au-Bras-d'Argent (C.-du-N.), col. inf. 31.
Devallan Jérôme-Marie, Bougival (S.-et-O.), col. inf. 31.
Perreux Jean-Bapt., Issy-les-Moulineaux (Seine), col. inf. 31.
Moisson Edouard, Livarod (Calvados), col. inf. 31.
Bazire Pierre, Bernesy (Calvados), serg., col. inf. 31.
Fabre Gaston, Paris, serg., col. inf. 31.
Philippe Jean-Bapt., Lanleff (C.-du-Nord), col. inf. 31.
Veugeon Emile, Trouville-s.-Mer, col. inf. 31.
Tilly Jean-Marie, Lanfains (C.-du-Nord), col. inf. 31.
Jan Edmond, Longueville (Calvados), col. inf. 31.
Mathon Mathurin, Uzel (C.-du-Nord), col. inf. 31.
Gallerne Jean-Marie, Mur-de-Bretagne (C.-du-Nord), col. inf. 31.
Cirey Fernand, Isigny-les-Moulineaux (Seine), col. inf. 31.
Delahaye Jules, Campagnolles (Calvados), col. inf. 31.
Guillot André, Lehone-s.-Mer (Calvados), col. inf. 31.
Le Vey Jean-Marie, Pommerit-le-Vicomte (C.-du-N.), col. inf. 31.
Le Potier Mathurin, Kervallan (Calvados), col. inf. 31.
Tanguy François, Hillion (C.-d.-N.), col. inf. 31.
Mirey Désiré, Caën (Calvados), col. inf. 31.
Amourette Pierre, Lamegon (C.-d.-N.), cap., col. inf. 31.
UNIVERSITÄTS-
BIBLIOTHEK
HEIDELBERG
http://digi.ub.uni-heidelberg.de/diglit/feldztggazarden1914bis1915/0423
